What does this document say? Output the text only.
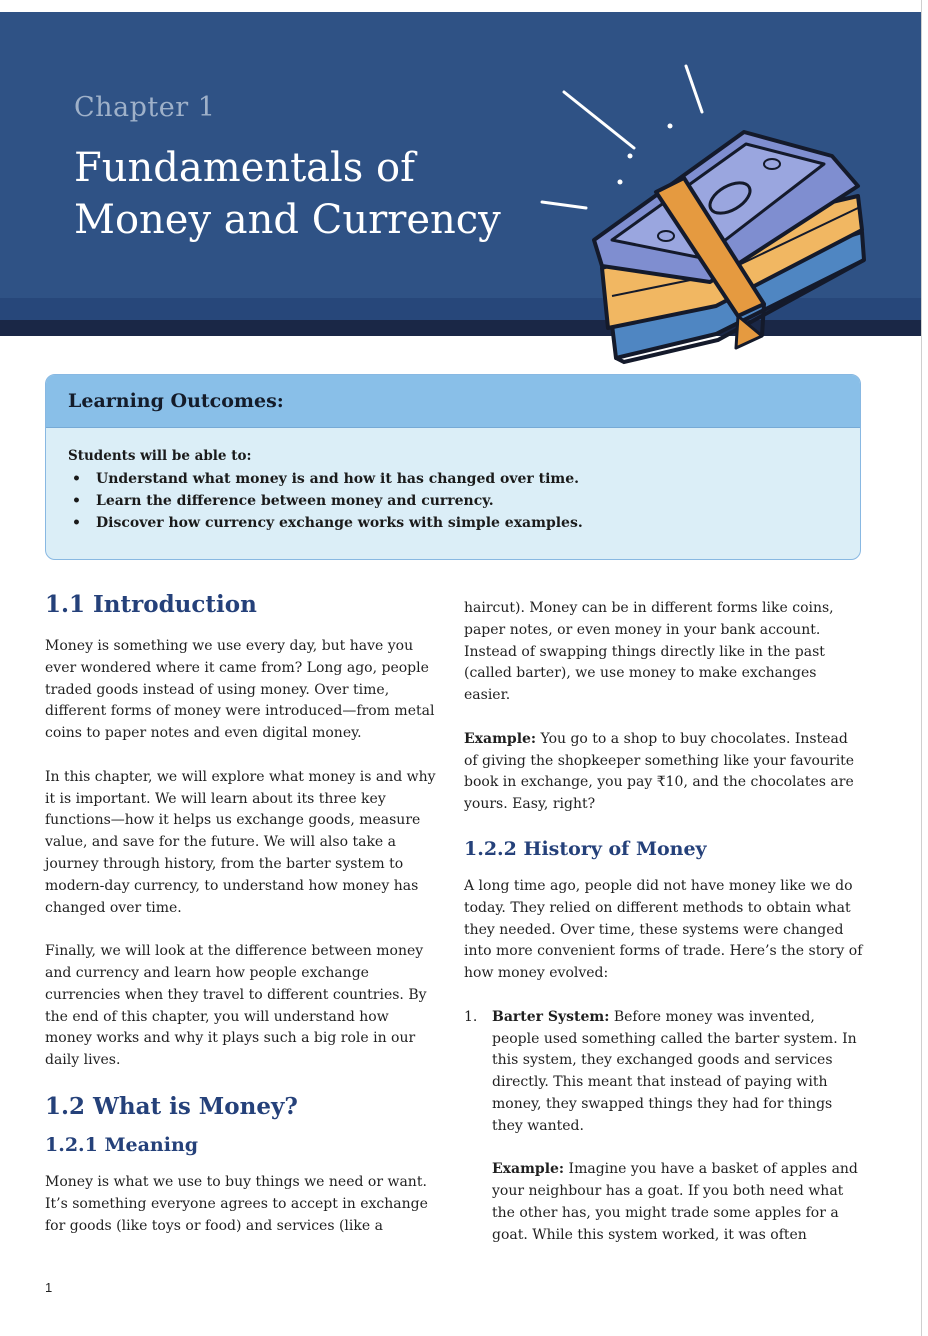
Chapter 1
Fundamentals of
Money and Currency
Learning Outcomes:
Students will be able to:
• Understand what money is and how it has changed over time.
• Learn the difference between money and currency.
• Discover how currency exchange works with simple examples.
1.1 Introduction

Money is something we use every day, but have you ever wondered where it came from? Long ago, people traded goods instead of using money. Over time, different forms of money were introduced—from metal coins to paper notes and even digital money.

In this chapter, we will explore what money is and why it is important. We will learn about its three key functions—how it helps us exchange goods, measure value, and save for the future. We will also take a journey through history, from the barter system to modern-day currency, to understand how money has changed over time.

Finally, we will look at the difference between money and currency and learn how people exchange currencies when they travel to different countries. By the end of this chapter, you will understand how money works and why it plays such a big role in our daily lives.

1.2 What is Money?
1.2.1 Meaning

Money is what we use to buy things we need or want. It’s something everyone agrees to accept in exchange for goods (like toys or food) and services (like a

haircut). Money can be in different forms like coins, paper notes, or even money in your bank account. Instead of swapping things directly like in the past (called barter), we use money to make exchanges easier.

Example: You go to a shop to buy chocolates. Instead of giving the shopkeeper something like your favourite book in exchange, you pay ₹10, and the chocolates are yours. Easy, right?

1.2.2 History of Money

A long time ago, people did not have money like we do today. They relied on different methods to obtain what they needed. Over time, these systems were changed into more convenient forms of trade. Here’s the story of how money evolved:

1. Barter System: Before money was invented, people used something called the barter system. In this system, they exchanged goods and services directly. This meant that instead of paying with money, they swapped things they had for things they wanted.

Example: Imagine you have a basket of apples and your neighbour has a goat. If you both need what the other has, you might trade some apples for a goat. While this system worked, it was often

1
